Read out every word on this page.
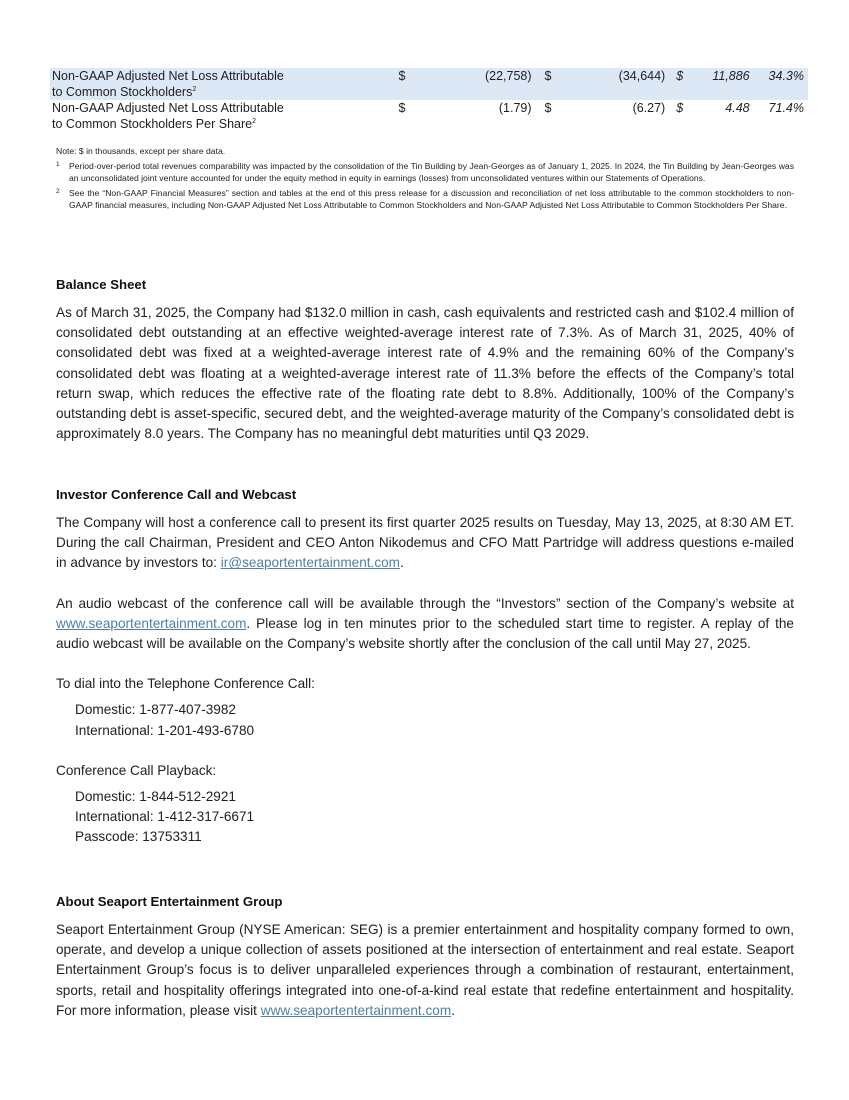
Non-GAAP Adjusted Net Loss Attributable
to Common Stockholders$^2$	$	(22,758)	$	(34,644)	$	11,886	34.3%
Non-GAAP Adjusted Net Loss Attributable
to Common Stockholders Per Share$^2$	$	(1.79)	$	(6.27)	$	4.48	71.4%
Note: $ in thousands, except per share data.
1	Period-over-period total revenues comparability was impacted by the consolidation of the Tin Building by Jean-Georges as of January 1, 2025. In 2024, the Tin Building by Jean-Georges was an unconsolidated joint venture accounted for under the equity method in equity in earnings (losses) from unconsolidated ventures within our Statements of Operations.
2	See the “Non-GAAP Financial Measures” section and tables at the end of this press release for a discussion and reconciliation of net loss attributable to the common stockholders to non-GAAP financial measures, including Non-GAAP Adjusted Net Loss Attributable to Common Stockholders and Non-GAAP Adjusted Net Loss Attributable to Common Stockholders Per Share.
Balance Sheet

As of March 31, 2025, the Company had $132.0 million in cash, cash equivalents and restricted cash and $102.4 million of consolidated debt outstanding at an effective weighted-average interest rate of 7.3%. As of March 31, 2025, 40% of consolidated debt was fixed at a weighted-average interest rate of 4.9% and the remaining 60% of the Company’s consolidated debt was floating at a weighted-average interest rate of 11.3% before the effects of the Company’s total return swap, which reduces the effective rate of the floating rate debt to 8.8%. Additionally, 100% of the Company’s outstanding debt is asset-specific, secured debt, and the weighted-average maturity of the Company’s consolidated debt is approximately 8.0 years. The Company has no meaningful debt maturities until Q3 2029.

Investor Conference Call and Webcast

The Company will host a conference call to present its first quarter 2025 results on Tuesday, May 13, 2025, at 8:30 AM ET. During the call Chairman, President and CEO Anton Nikodemus and CFO Matt Partridge will address questions e-mailed in advance by investors to: ir@seaportentertainment.com.

An audio webcast of the conference call will be available through the “Investors” section of the Company’s website at www.seaportentertainment.com. Please log in ten minutes prior to the scheduled start time to register. A replay of the audio webcast will be available on the Company’s website shortly after the conclusion of the call until May 27, 2025.

To dial into the Telephone Conference Call:

Domestic: 1-877-407-3982
International: 1-201-493-6780

Conference Call Playback:

Domestic: 1-844-512-2921
International: 1-412-317-6671
Passcode: 13753311
About Seaport Entertainment Group

Seaport Entertainment Group (NYSE American: SEG) is a premier entertainment and hospitality company formed to own, operate, and develop a unique collection of assets positioned at the intersection of entertainment and real estate. Seaport Entertainment Group’s focus is to deliver unparalleled experiences through a combination of restaurant, entertainment, sports, retail and hospitality offerings integrated into one-of-a-kind real estate that redefine entertainment and hospitality. For more information, please visit www.seaportentertainment.com.
